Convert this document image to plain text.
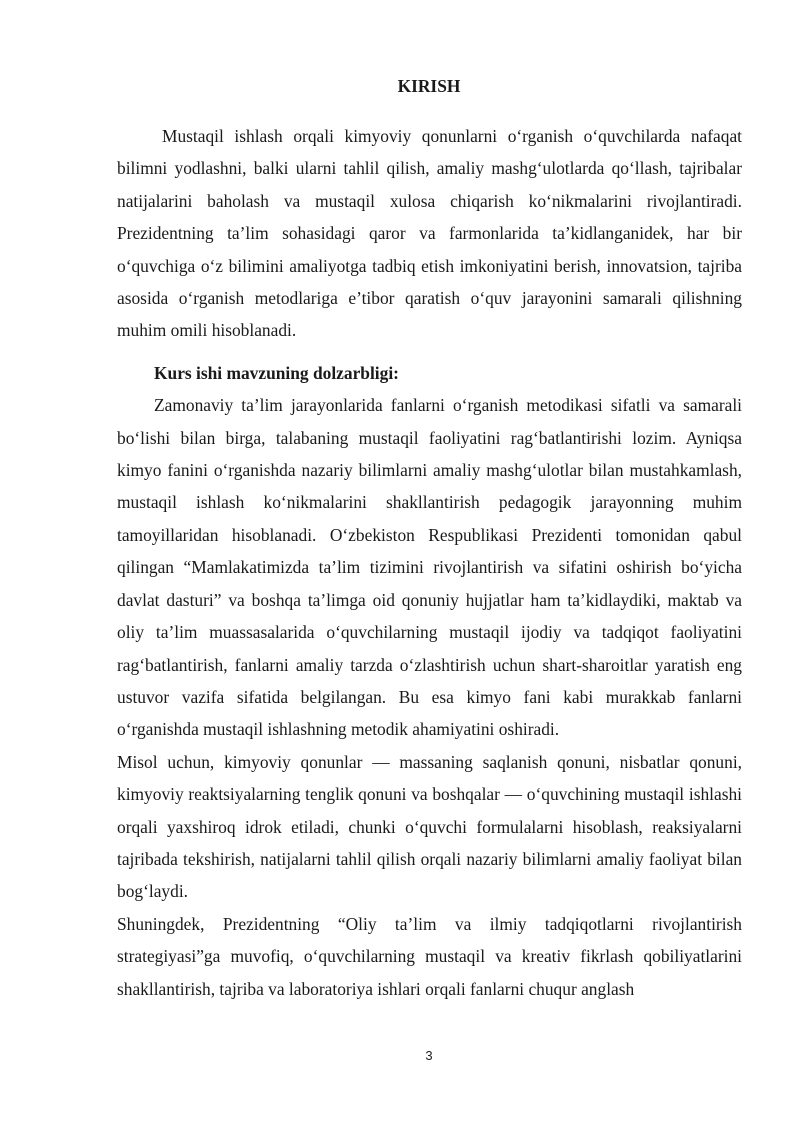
KIRISH

Mustaqil ishlash orqali kimyoviy qonunlarni o‘rganish o‘quvchilarda nafaqat bilimni yodlashni, balki ularni tahlil qilish, amaliy mashg‘ulotlarda qo‘llash, tajribalar natijalarini baholash va mustaqil xulosa chiqarish ko‘nikmalarini rivojlantiradi. Prezidentning ta’lim sohasidagi qaror va farmonlarida ta’kidlanganidek, har bir o‘quvchiga o‘z bilimini amaliyotga tadbiq etish imkoniyatini berish, innovatsion, tajriba asosida o‘rganish metodlariga e’tibor qaratish o‘quv jarayonini samarali qilishning muhim omili hisoblanadi.

Kurs ishi mavzuning dolzarbligi:

Zamonaviy ta’lim jarayonlarida fanlarni o‘rganish metodikasi sifatli va samarali bo‘lishi bilan birga, talabaning mustaqil faoliyatini rag‘batlantirishi lozim. Ayniqsa kimyo fanini o‘rganishda nazariy bilimlarni amaliy mashg‘ulotlar bilan mustahkamlash, mustaqil ishlash ko‘nikmalarini shakllantirish pedagogik jarayonning muhim tamoyillaridan hisoblanadi. O‘zbekiston Respublikasi Prezidenti tomonidan qabul qilingan “Mamlakatimizda ta’lim tizimini rivojlantirish va sifatini oshirish bo‘yicha davlat dasturi” va boshqa ta’limga oid qonuniy hujjatlar ham ta’kidlaydiki, maktab va oliy ta’lim muassasalarida o‘quvchilarning mustaqil ijodiy va tadqiqot faoliyatini rag‘batlantirish, fanlarni amaliy tarzda o‘zlashtirish uchun shart-sharoitlar yaratish eng ustuvor vazifa sifatida belgilangan. Bu esa kimyo fani kabi murakkab fanlarni o‘rganishda mustaqil ishlashning metodik ahamiyatini oshiradi.

Misol uchun, kimyoviy qonunlar — massaning saqlanish qonuni, nisbatlar qonuni, kimyoviy reaktsiyalarning tenglik qonuni va boshqalar — o‘quvchining mustaqil ishlashi orqali yaxshiroq idrok etiladi, chunki o‘quvchi formulalarni hisoblash, reaksiyalarni tajribada tekshirish, natijalarni tahlil qilish orqali nazariy bilimlarni amaliy faoliyat bilan bog‘laydi.

Shuningdek, Prezidentning “Oliy ta’lim va ilmiy tadqiqotlarni rivojlantirish strategiyasi”ga muvofiq, o‘quvchilarning mustaqil va kreativ fikrlash qobiliyatlarini shakllantirish, tajriba va laboratoriya ishlari orqali fanlarni chuqur anglash

3
